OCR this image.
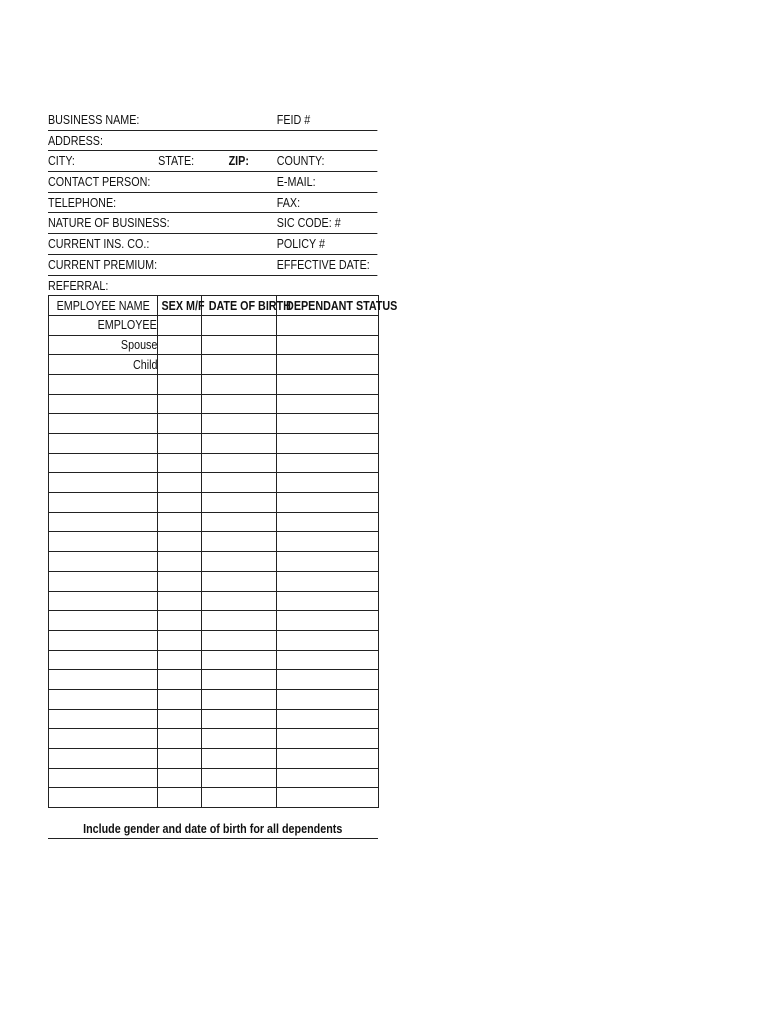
BUSINESS NAME:	FEID #
ADDRESS:
CITY:	STATE:	ZIP: COUNTY:
CONTACT PERSON:	E-MAIL:
TELEPHONE:	FAX:
NATURE OF BUSINESS:	SIC CODE: #
CURRENT INS. CO.:	POLICY #
CURRENT PREMIUM:	EFFECTIVE DATE:
REFERRAL:
EMPLOYEE NAME	SEX M/F	DATE OF BIRTH	DEPENDANT STATUS
EMPLOYEE			
Spouse			
Child			

Include gender and date of birth for all dependents
